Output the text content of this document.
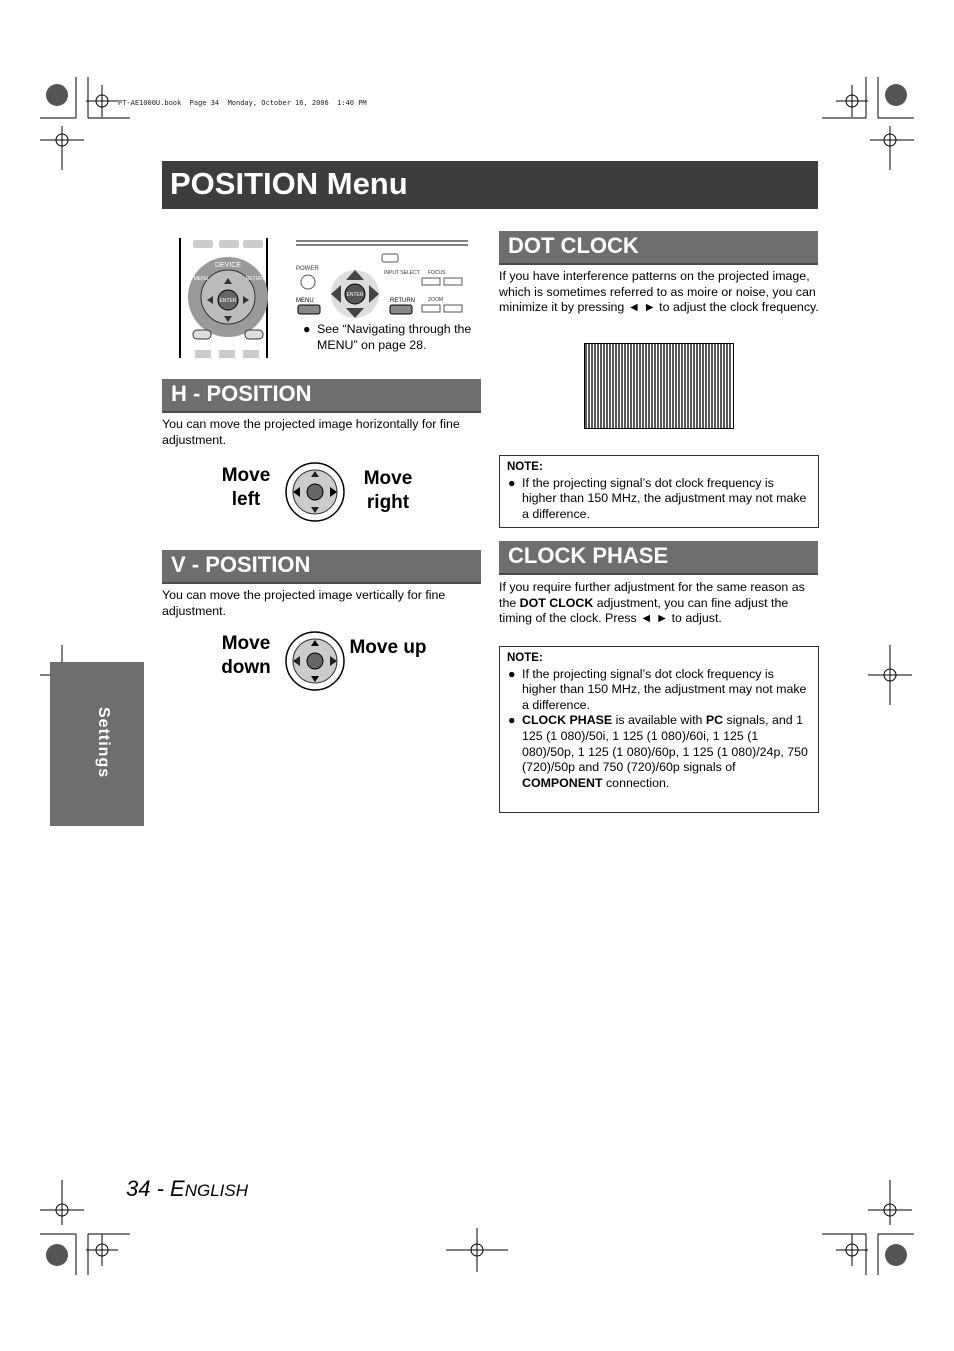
PT-AE1000U.book  Page 34  Monday, October 16, 2006  1:40 PM
POSITION Menu
ENTER
DEVICE
MENU	RETURN
POWER
ENTER
INPUT SELECT FOCUS
MENU	RETURN	ZOOM
● See “Navigating through the MENU” on page 28.
H - POSITION
You can move the projected image horizontally for fine adjustment.
Move left
Move right
V - POSITION
You can move the projected image vertically for fine adjustment.
Move down
Move up
DOT CLOCK
If you have interference patterns on the projected image, which is sometimes referred to as moire or noise, you can minimize it by pressing ◄ ► to adjust the clock frequency.
NOTE:
● If the projecting signal’s dot clock frequency is higher than 150 MHz, the adjustment may not make a difference.
CLOCK PHASE
If you require further adjustment for the same reason as the DOT CLOCK adjustment, you can fine adjust the timing of the clock. Press ◄ ► to adjust.
NOTE:
● If the projecting signal’s dot clock frequency is higher than 150 MHz, the adjustment may not make a difference.
● CLOCK PHASE is available with PC signals, and 1 125 (1 080)/50i, 1 125 (1 080)/60i, 1 125 (1 080)/50p, 1 125 (1 080)/60p, 1 125 (1 080)/24p, 750 (720)/50p and 750 (720)/60p signals of COMPONENT connection.
Settings
34 - ENGLISH
